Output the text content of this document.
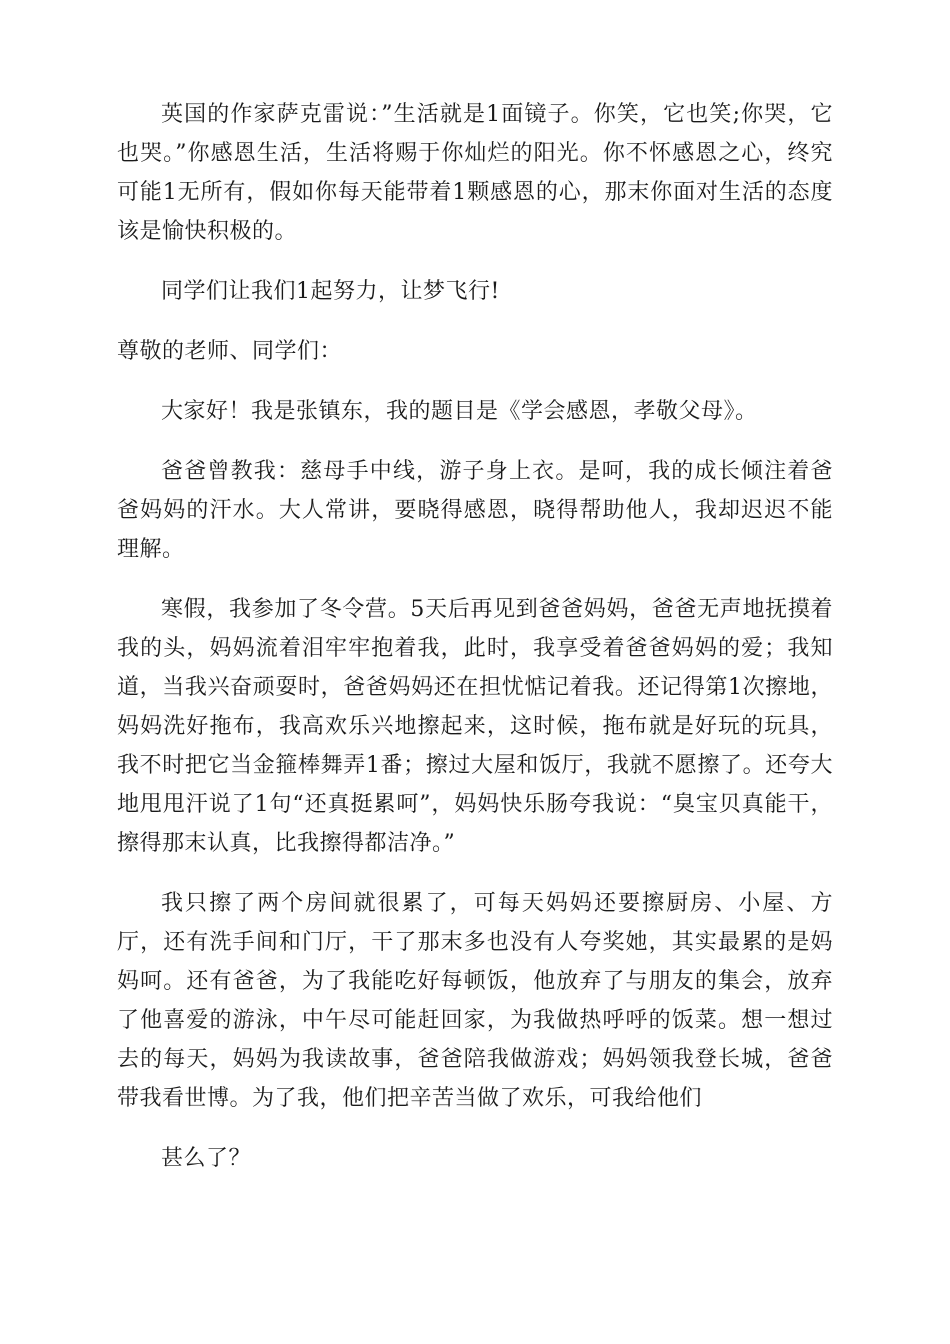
英国的作家萨克雷说：”生活就是1面镜子。你笑，它也笑;你哭，它也哭。”你感恩生活，生活将赐于你灿烂的阳光。你不怀感恩之心，终究可能1无所有，假如你每天能带着1颗感恩的心，那末你面对生活的态度该是愉快积极的。

同学们让我们1起努力，让梦飞行!

尊敬的老师、同学们：

大家好！我是张镇东，我的题目是《学会感恩，孝敬父母》。

爸爸曾教我：慈母手中线，游子身上衣。是呵，我的成长倾注着爸爸妈妈的汗水。大人常讲，要晓得感恩，晓得帮助他人，我却迟迟不能理解。

寒假，我参加了冬令营。5天后再见到爸爸妈妈，爸爸无声地抚摸着我的头，妈妈流着泪牢牢抱着我，此时，我享受着爸爸妈妈的爱；我知道，当我兴奋顽耍时，爸爸妈妈还在担忧惦记着我。还记得第1次擦地，妈妈洗好拖布，我高欢乐兴地擦起来，这时候，拖布就是好玩的玩具，我不时把它当金箍棒舞弄1番；擦过大屋和饭厅，我就不愿擦了。还夸大地甩甩汗说了1句“还真挺累呵”，妈妈快乐肠夸我说：“臭宝贝真能干，擦得那末认真，比我擦得都洁净。”

我只擦了两个房间就很累了，可每天妈妈还要擦厨房、小屋、方厅，还有洗手间和门厅，干了那末多也没有人夸奖她，其实最累的是妈妈呵。还有爸爸，为了我能吃好每顿饭，他放弃了与朋友的集会，放弃了他喜爱的游泳，中午尽可能赶回家，为我做热呼呼的饭菜。想一想过去的每天，妈妈为我读故事，爸爸陪我做游戏；妈妈领我登长城，爸爸带我看世博。为了我，他们把辛苦当做了欢乐，可我给他们

甚么了？
